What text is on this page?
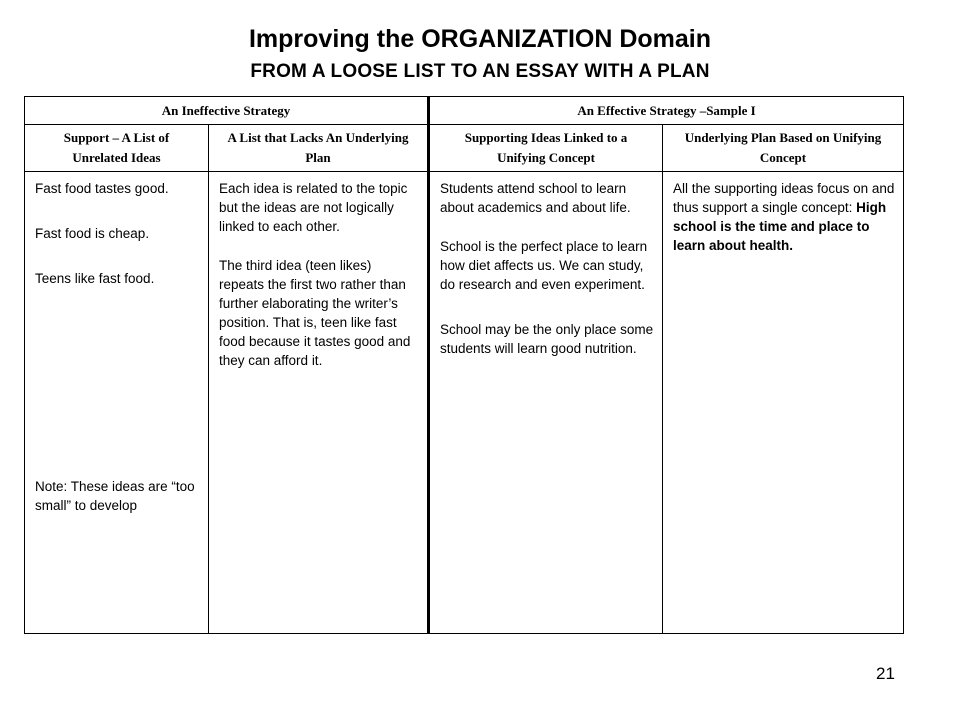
Improving the ORGANIZATION Domain
FROM A LOOSE LIST TO AN ESSAY WITH A PLAN
An Ineffective Strategy	An Effective Strategy –Sample I
Support – A List of Unrelated Ideas
A List that Lacks An Underlying Plan
Supporting Ideas Linked to a Unifying Concept
Underlying Plan Based on Unifying Concept

Fast food tastes good.

Fast food is cheap.

Teens like fast food.

Note: These ideas are “too small” to develop

Each idea is related to the topic but the ideas are not logically linked to each other.

The third idea (teen likes) repeats the first two rather than further elaborating the writer’s position. That is, teen like fast food because it tastes good and they can afford it.

Students attend school to learn about academics and about life.

School is the perfect place to learn how diet affects us. We can study, do research and even experiment.

School may be the only place some students will learn good nutrition.

All the supporting ideas focus on and thus support a single concept: High school is the time and place to learn about health.

21
